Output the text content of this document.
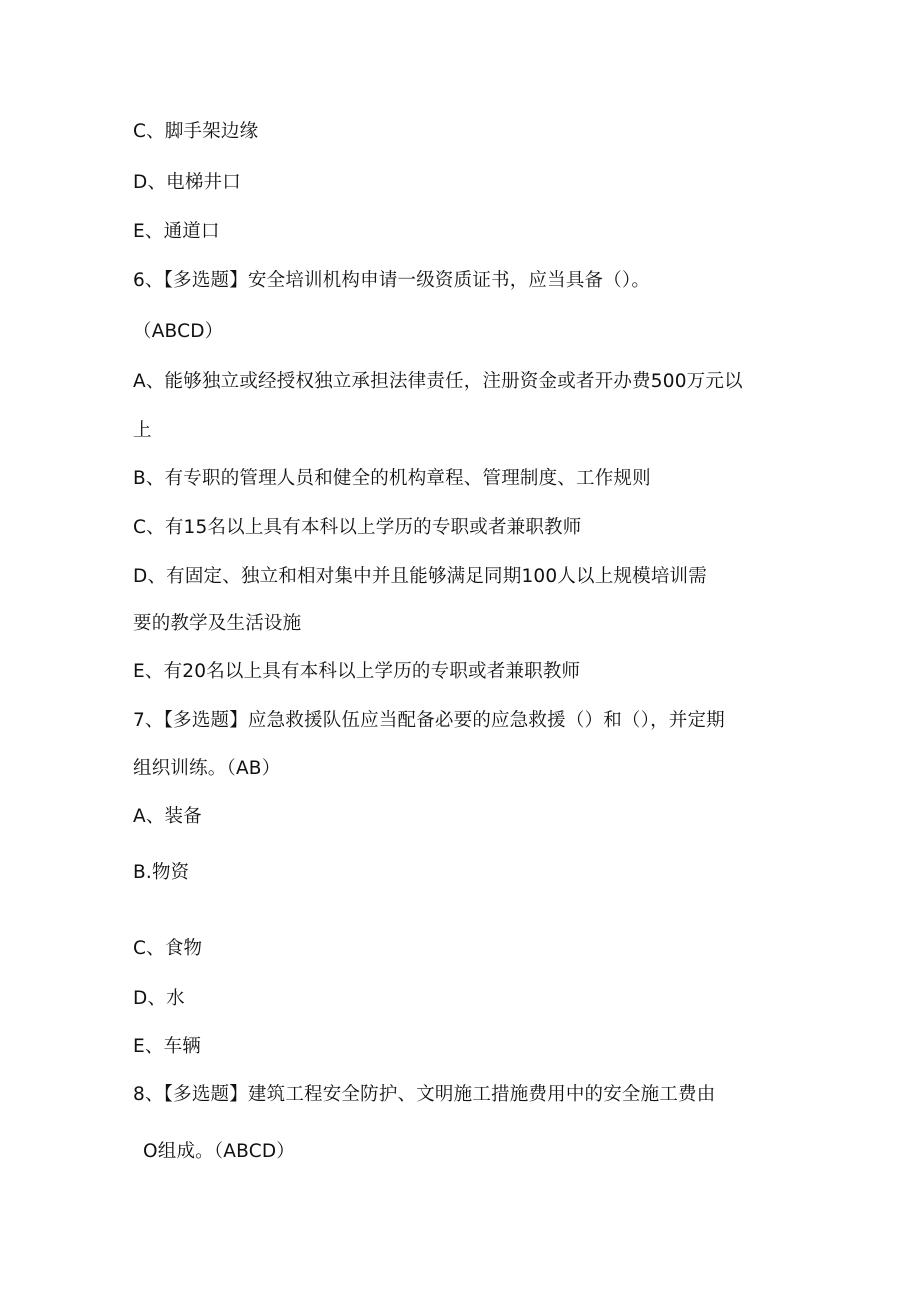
C、脚手架边缘
D、电梯井口
E、通道口
6、【多选题】安全培训机构申请一级资质证书，应当具备（）。
（ABCD）
A、能够独立或经授权独立承担法律责任，注册资金或者开办费500万元以
上
B、有专职的管理人员和健全的机构章程、管理制度、工作规则
C、有15名以上具有本科以上学历的专职或者兼职教师
D、有固定、独立和相对集中并且能够满足同期100人以上规模培训需
要的教学及生活设施
E、有20名以上具有本科以上学历的专职或者兼职教师
7、【多选题】应急救援队伍应当配备必要的应急救援（）和（），并定期
组织训练。（AB）
A、装备
B.物资
C、食物
D、水
E、车辆
8、【多选题】建筑工程安全防护、文明施工措施费用中的安全施工费由
O组成。（ABCD）
